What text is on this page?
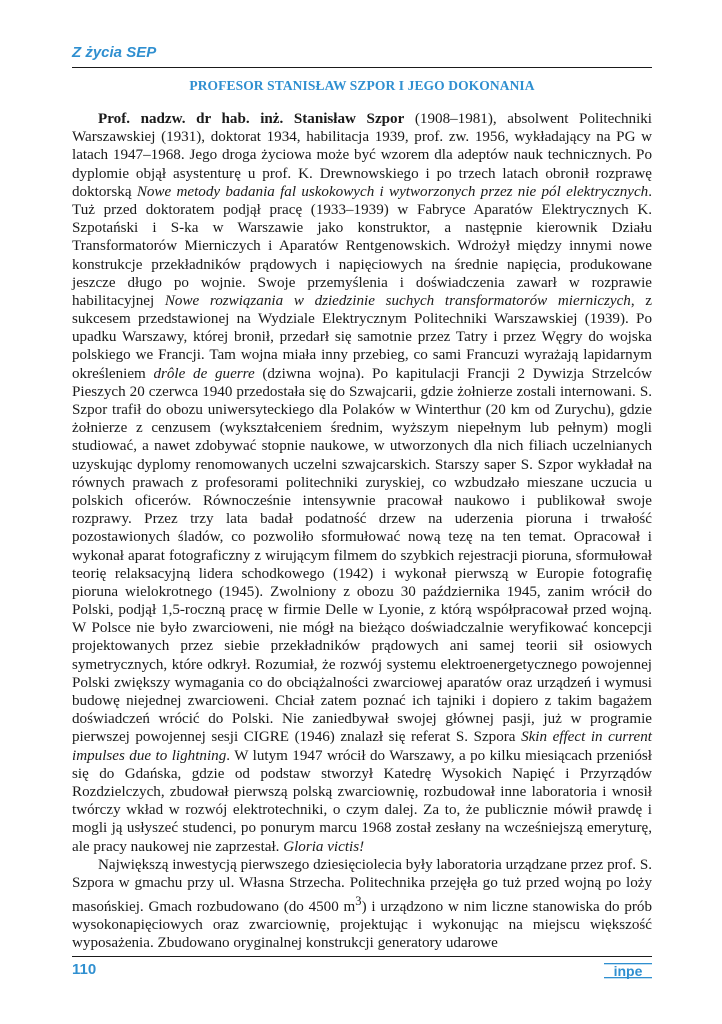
Z życia SEP
PROFESOR STANISŁAW SZPOR I JEGO DOKONANIA

Prof. nadzw. dr hab. inż. Stanisław Szpor (1908–1981), absolwent Politechniki Warszawskiej (1931), doktorat 1934, habilitacja 1939, prof. zw. 1956, wykładający na PG w latach 1947–1968. Jego droga życiowa może być wzorem dla adeptów nauk technicznych. Po dyplomie objął asystenturę u prof. K. Drewnowskiego i po trzech latach obronił rozprawę doktorską Nowe metody badania fal uskokowych i wytworzonych przez nie pól elektrycznych. Tuż przed doktoratem podjął pracę (1933–1939) w Fabryce Aparatów Elektrycznych K. Szpotański i S-ka w Warszawie jako konstruktor, a następnie kierownik Działu Transformatorów Mierniczych i Aparatów Rentgenowskich. Wdrożył między innymi nowe konstrukcje przekładników prądowych i napięciowych na średnie napięcia, produkowane jeszcze długo po wojnie. Swoje przemyślenia i doświadczenia zawarł w rozprawie habilitacyjnej Nowe rozwiązania w dziedzinie suchych transformatorów mierniczych, z sukcesem przedstawionej na Wydziale Elektrycznym Politechniki Warszawskiej (1939). Po upadku Warszawy, której bronił, przedarł się samotnie przez Tatry i przez Węgry do wojska polskiego we Francji. Tam wojna miała inny przebieg, co sami Francuzi wyrażają lapidarnym określeniem drôle de guerre (dziwna wojna). Po kapitulacji Francji 2 Dywizja Strzelców Pieszych 20 czerwca 1940 przedostała się do Szwajcarii, gdzie żołnierze zostali internowani. S. Szpor trafił do obozu uniwersyteckiego dla Polaków w Winterthur (20 km od Zurychu), gdzie żołnierze z cenzusem (wykształceniem średnim, wyższym niepełnym lub pełnym) mogli studiować, a nawet zdobywać stopnie naukowe, w utworzonych dla nich filiach uczelnianych uzyskując dyplomy renomowanych uczelni szwajcarskich. Starszy saper S. Szpor wykładał na równych prawach z profesorami politechniki zuryskiej, co wzbudzało mieszane uczucia u polskich oficerów. Równocześnie intensywnie pracował naukowo i publikował swoje rozprawy. Przez trzy lata badał podatność drzew na uderzenia pioruna i trwałość pozostawionych śladów, co pozwoliło sformułować nową tezę na ten temat. Opracował i wykonał aparat fotograficzny z wirującym filmem do szybkich rejestracji pioruna, sformułował teorię relaksacyjną lidera schodkowego (1942) i wykonał pierwszą w Europie fotografię pioruna wielokrotnego (1945). Zwolniony z obozu 30 października 1945, zanim wrócił do Polski, podjął 1,5-roczną pracę w firmie Delle w Lyonie, z którą współpracował przed wojną. W Polsce nie było zwarcioweni, nie mógł na bieżąco doświadczalnie weryfikować koncepcji projektowanych przez siebie przekładników prądowych ani samej teorii sił osiowych symetrycznych, które odkrył. Rozumiał, że rozwój systemu elektroenergetycznego powojennej Polski zwiększy wymagania co do obciążalności zwarciowej aparatów oraz urządzeń i wymusi budowę niejednej zwarcioweni. Chciał zatem poznać ich tajniki i dopiero z takim bagażem doświadczeń wrócić do Polski. Nie zaniedbywał swojej głównej pasji, już w programie pierwszej powojennej sesji CIGRE (1946) znalazł się referat S. Szpora Skin effect in current impulses due to lightning. W lutym 1947 wrócił do Warszawy, a po kilku miesiącach przeniósł się do Gdańska, gdzie od podstaw stworzył Katedrę Wysokich Napięć i Przyrządów Rozdzielczych, zbudował pierwszą polską zwarciownię, rozbudował inne laboratoria i wnosił twórczy wkład w rozwój elektrotechniki, o czym dalej. Za to, że publicznie mówił prawdę i mogli ją usłyszeć studenci, po ponurym marcu 1968 został zesłany na wcześniejszą emeryturę, ale pracy naukowej nie zaprzestał. Gloria victis!

Największą inwestycją pierwszego dziesięciolecia były laboratoria urządzane przez prof. S. Szpora w gmachu przy ul. Własna Strzecha. Politechnika przejęła go tuż przed wojną po loży masońskiej. Gmach rozbudowano (do 4500 $m^3$) i urządzono w nim liczne stanowiska do prób wysokonapięciowych oraz zwarciownię, projektując i wykonując na miejscu większość wyposażenia. Zbudowano oryginalnej konstrukcji generatory udarowe

110	inpe
